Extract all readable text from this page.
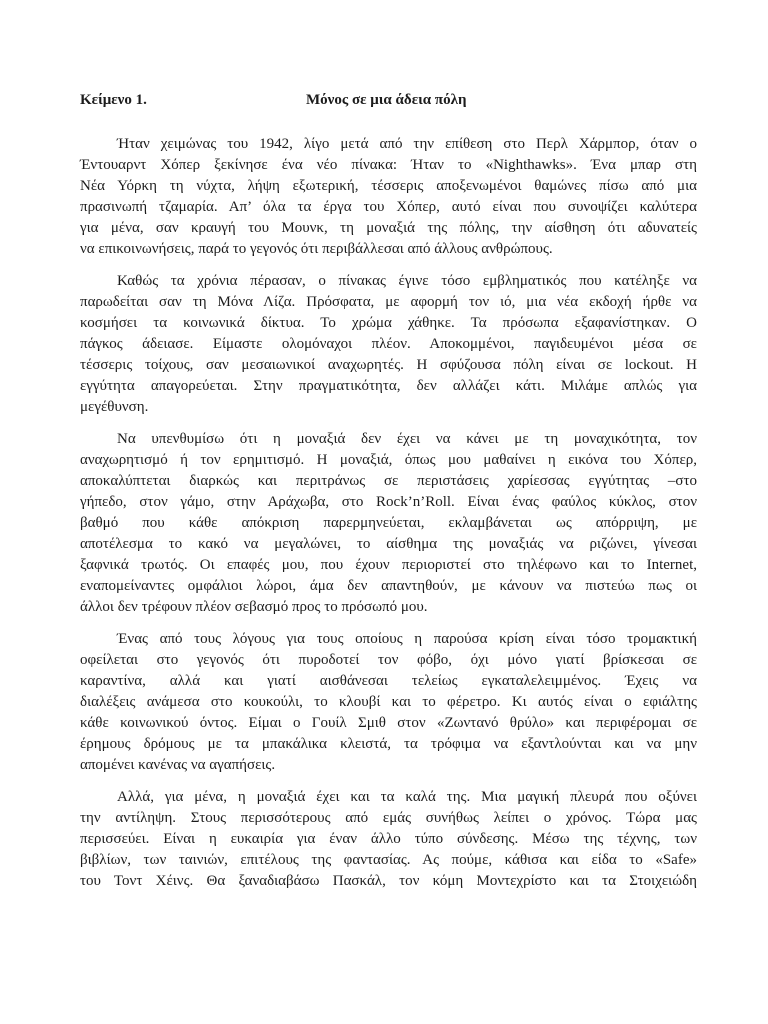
Κείμενο 1.	Μόνος σε μια άδεια πόλη
Ήταν χειμώνας του 1942, λίγο μετά από την επίθεση στο Περλ Χάρμπορ, όταν ο
Έντουαρντ Χόπερ ξεκίνησε ένα νέο πίνακα: Ήταν το «Nighthawks». Ένα μπαρ στη
Νέα Υόρκη τη νύχτα, λήψη εξωτερική, τέσσερις αποξενωμένοι θαμώνες πίσω από μια
πρασινωπή τζαμαρία. Απ’ όλα τα έργα του Χόπερ, αυτό είναι που συνοψίζει καλύτερα
για μένα, σαν κραυγή του Μουνκ, τη μοναξιά της πόλης, την αίσθηση ότι αδυνατείς
να επικοινωνήσεις, παρά το γεγονός ότι περιβάλλεσαι από άλλους ανθρώπους.
Καθώς τα χρόνια πέρασαν, ο πίνακας έγινε τόσο εμβληματικός που κατέληξε να
παρωδείται σαν τη Μόνα Λίζα. Πρόσφατα, με αφορμή τον ιό, μια νέα εκδοχή ήρθε να
κοσμήσει τα κοινωνικά δίκτυα. Το χρώμα χάθηκε. Τα πρόσωπα εξαφανίστηκαν. Ο
πάγκος άδειασε. Είμαστε ολομόναχοι πλέον. Αποκομμένοι, παγιδευμένοι μέσα σε
τέσσερις τοίχους, σαν μεσαιωνικοί αναχωρητές. Η σφύζουσα πόλη είναι σε lockout. Η
εγγύτητα απαγορεύεται. Στην πραγματικότητα, δεν αλλάζει κάτι. Μιλάμε απλώς για
μεγέθυνση.
Να υπενθυμίσω ότι η μοναξιά δεν έχει να κάνει με τη μοναχικότητα, τον
αναχωρητισμό ή τον ερημιτισμό. Η μοναξιά, όπως μου μαθαίνει η εικόνα του Χόπερ,
αποκαλύπτεται διαρκώς και περιτράνως σε περιστάσεις χαρίεσσας εγγύτητας –στο
γήπεδο, στον γάμο, στην Αράχωβα, στο Rock’n’Roll. Είναι ένας φαύλος κύκλος, στον
βαθμό που κάθε απόκριση παρερμηνεύεται, εκλαμβάνεται ως απόρριψη, με
αποτέλεσμα το κακό να μεγαλώνει, το αίσθημα της μοναξιάς να ριζώνει, γίνεσαι
ξαφνικά τρωτός. Οι επαφές μου, που έχουν περιοριστεί στο τηλέφωνο και το Internet,
εναπομείναντες ομφάλιοι λώροι, άμα δεν απαντηθούν, με κάνουν να πιστεύω πως οι
άλλοι δεν τρέφουν πλέον σεβασμό προς το πρόσωπό μου.
Ένας από τους λόγους για τους οποίους η παρούσα κρίση είναι τόσο τρομακτική
οφείλεται στο γεγονός ότι πυροδοτεί τον φόβο, όχι μόνο γιατί βρίσκεσαι σε
καραντίνα, αλλά και γιατί αισθάνεσαι τελείως εγκαταλελειμμένος. Έχεις να
διαλέξεις ανάμεσα στο κουκούλι, το κλουβί και το φέρετρο. Κι αυτός είναι ο εφιάλτης
κάθε κοινωνικού όντος. Είμαι ο Γουίλ Σμιθ στον «Ζωντανό θρύλο» και περιφέρομαι σε
έρημους δρόμους με τα μπακάλικα κλειστά, τα τρόφιμα να εξαντλούνται και να μην
απομένει κανένας να αγαπήσεις.
Αλλά, για μένα, η μοναξιά έχει και τα καλά της. Μια μαγική πλευρά που οξύνει
την αντίληψη. Στους περισσότερους από εμάς συνήθως λείπει ο χρόνος. Τώρα μας
περισσεύει. Είναι η ευκαιρία για έναν άλλο τύπο σύνδεσης. Μέσω της τέχνης, των
βιβλίων, των ταινιών, επιτέλους της φαντασίας. Ας πούμε, κάθισα και είδα το «Safe»
του Τοντ Χέινς. Θα ξαναδιαβάσω Πασκάλ, τον κόμη Μοντεχρίστο και τα Στοιχειώδη
